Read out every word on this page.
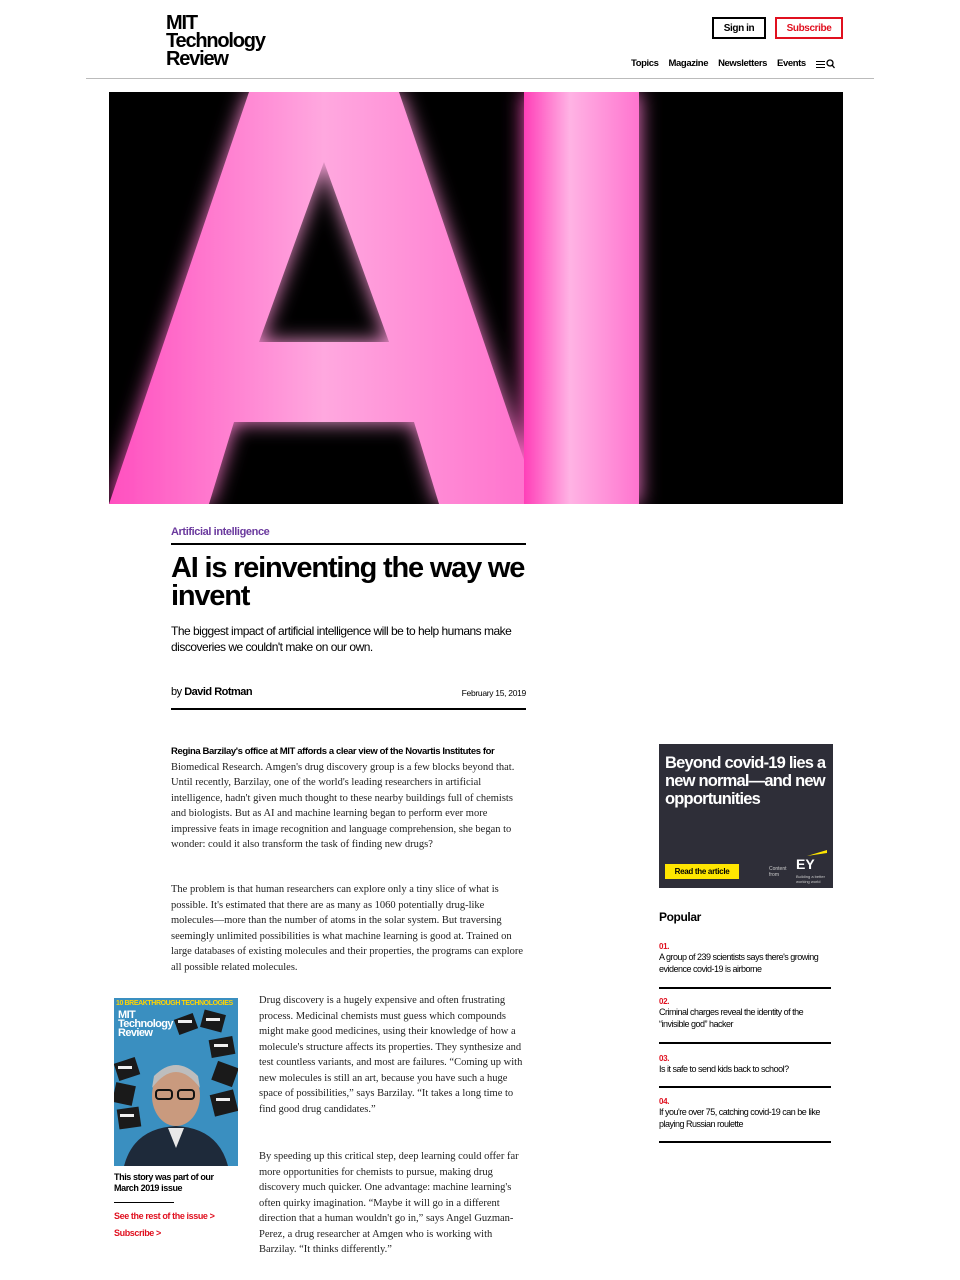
MIT
Technology
Review
Sign in	Subscribe
Topics Magazine Newsletters Events
Artificial intelligence
AI is reinventing the way we invent

The biggest impact of artificial intelligence will be to help humans make discoveries we couldn't make on our own.

by David Rotman	February 15, 2019

Regina Barzilay's office at MIT affords a clear view of the Novartis Institutes for Biomedical Research. Amgen's drug discovery group is a few blocks beyond that. Until recently, Barzilay, one of the world's leading researchers in artificial intelligence, hadn't given much thought to these nearby buildings full of chemists and biologists. But as AI and machine learning began to perform ever more impressive feats in image recognition and language comprehension, she began to wonder: could it also transform the task of finding new drugs?

The problem is that human researchers can explore only a tiny slice of what is possible. It's estimated that there are as many as 1060 potentially drug-like molecules—more than the number of atoms in the solar system. But traversing seemingly unlimited possibilities is what machine learning is good at. Trained on large databases of existing molecules and their properties, the programs can explore all possible related molecules.

Drug discovery is a hugely expensive and often frustrating process. Medicinal chemists must guess which compounds might make good medicines, using their knowledge of how a molecule's structure affects its properties. They synthesize and test countless variants, and most are failures. “Coming up with new molecules is still an art, because you have such a huge space of possibilities,” says Barzilay. “It takes a long time to find good drug candidates.”

By speeding up this critical step, deep learning could offer far more opportunities for chemists to pursue, making drug discovery much quicker. One advantage: machine learning's often quirky imagination. “Maybe it will go in a different direction that a human wouldn't go in,” says Angel Guzman-Perez, a drug researcher at Amgen who is working with Barzilay. “It thinks differently.”

10 BREAKTHROUGH TECHNOLOGIES
MIT
Technology
Review
This story was part of our March 2019 issue
See the rest of the issue >
Subscribe >
Beyond covid-19 lies a new normal—and new opportunities
Read the article	Content from
EY
Building a better working world
Popular
01.
A group of 239 scientists says there's growing evidence covid-19 is airborne
02.
Criminal charges reveal the identity of the “invisible god” hacker
03.
Is it safe to send kids back to school?
04.
If you're over 75, catching covid-19 can be like playing Russian roulette
